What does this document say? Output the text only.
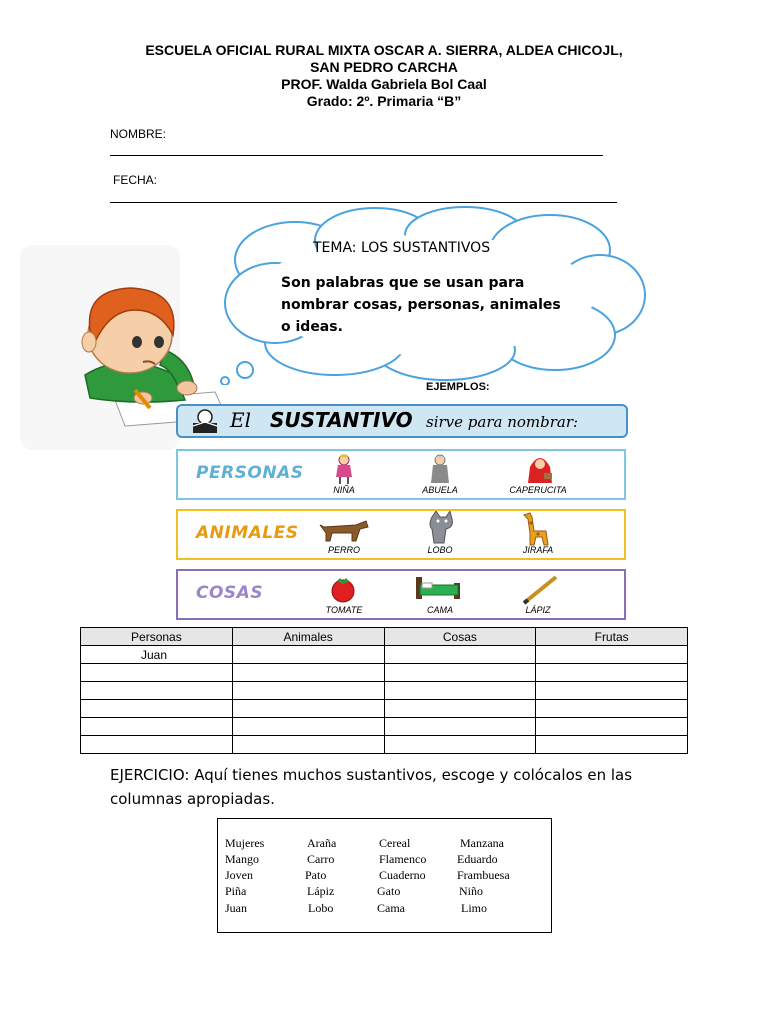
ESCUELA OFICIAL RURAL MIXTA OSCAR A. SIERRA, ALDEA CHICOJL,
SAN PEDRO CARCHA
PROF. Walda Gabriela Bol Caal
Grado: 2º. Primaria “B”
NOMBRE:
FECHA:
TEMA: LOS SUSTANTIVOS
Son palabras que se usan para
nombrar cosas, personas, animales
o ideas.
EJEMPLOS:
El SUSTANTIVO sirve para nombrar:
PERSONAS
NIÑA	ABUELA	CAPERUCITA
ANIMALES
PERRO	LOBO	JIRAFA
COSAS
TOMATE	CAMA	LÁPIZ
Personas	Animales	Cosas	Frutas
Juan			

EJERCICIO: Aquí tienes muchos sustantivos, escoge y colócalos en las
columnas apropiadas.
Mujeres	Araña	Cereal	Manzana
Mango	Carro	Flamenco	Eduardo
Joven	Pato	Cuaderno	Frambuesa
Piña	Lápiz	Gato	Niño
Juan	Lobo	Cama	Limo
